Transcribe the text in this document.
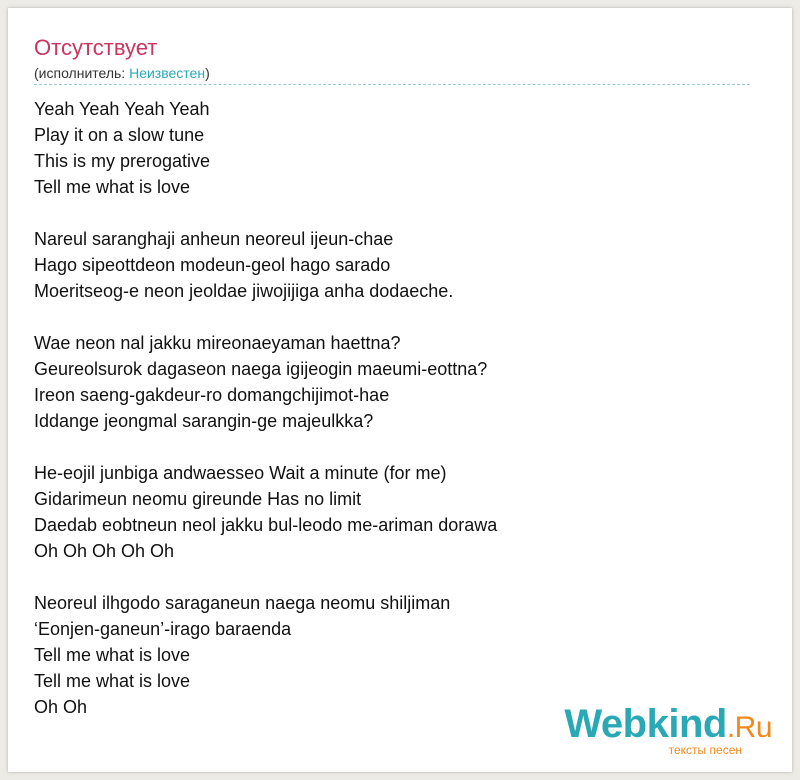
Отсутствует
(исполнитель: Неизвестен)
Yeah Yeah Yeah Yeah
Play it on a slow tune
This is my prerogative
Tell me what is love
Nareul saranghaji anheun neoreul ijeun-chae
Hago sipeottdeon modeun-geol hago sarado
Moeritseog-e neon jeoldae jiwojijiga anha dodaeche.
Wae neon nal jakku mireonaeyaman haettna?
Geureolsurok dagaseon naega igijeogin maeumi-eottna?
Ireon saeng-gakdeur-ro domangchijimot-hae
Iddange jeongmal sarangin-ge majeulkka?
He-eojil junbiga andwaesseo Wait a minute (for me)
Gidarimeun neomu gireunde Has no limit
Daedab eobtneun neol jakku bul-leodo me-ariman dorawa
Oh Oh Oh Oh Oh
Neoreul ilhgodo saraganeun naega neomu shiljiman
‘Eonjen-ganeun’-irago baraenda
Tell me what is love
Tell me what is love
Oh Oh	Webkind.Ru
тексты песен
